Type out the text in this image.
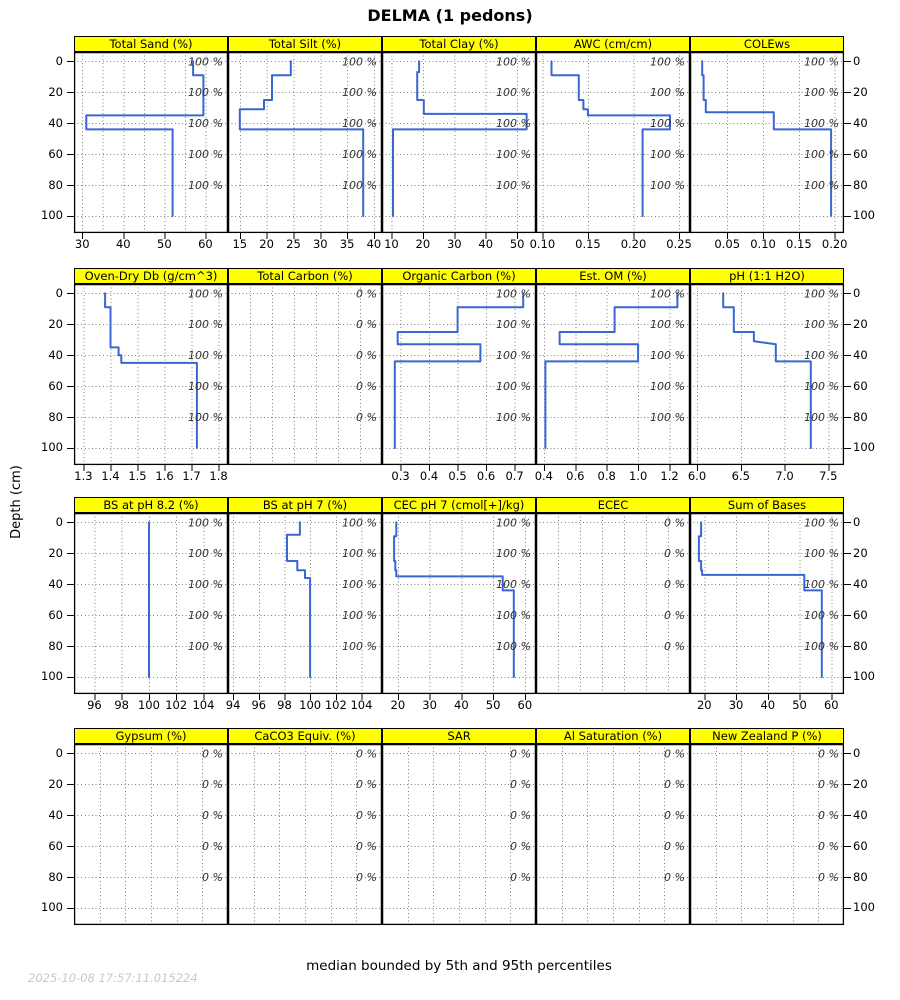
DELMA (1 pedons)
Depth (cm)
Total Sand (%)
100 %
100 %
100 %
100 %
100 %
30	40	50	60
Total Silt (%)
100 %
100 %
100 %
100 %
100 %
15	20	25	30	35	40
Total Clay (%)
100 %
100 %
100 %
100 %
100 %
10	20	30	40	50
AWC (cm/cm)
100 %
100 %
100 %
100 %
100 %
0.10	0.15	0.20	0.25
COLEws
100 %
100 %
100 %
100 %
100 %
0.05 0.10 0.15 0.20
0	0
20	20
40	40
60	60
80	80
100	100
Oven-Dry Db (g/cm^3)
100 %
100 %
100 %
100 %
100 %
1.3 1.4 1.5 1.6 1.7 1.8
Total Carbon (%)
0 %
0 %
0 %
0 %
0 %
Organic Carbon (%)
100 %
100 %
100 %
100 %
100 %
0.3 0.4 0.5 0.6 0.7
Est. OM (%)
100 %
100 %
100 %
100 %
100 %
0.4	0.6	0.8	1.0	1.2
pH (1:1 H2O)
100 %
100 %
100 %
100 %
100 %
6.0	6.5	7.0	7.5
0	0
20	20
40	40
60	60
80	80
100	100
BS at pH 8.2 (%)
100 %
100 %
100 %
100 %
100 %
96	98 100 102 104
BS at pH 7 (%)
100 %
100 %
100 %
100 %
100 %
94 96 98 100 102 104
CEC pH 7 (cmol[+]/kg)
100 %
100 %
100 %
100 %
100 %
20	30	40	50	60
ECEC
0 %
0 %
0 %
0 %
0 %
Sum of Bases
100 %
100 %
100 %
100 %
100 %
20	30	40	50	60
0	0
20	20
40	40
60	60
80	80
100	100
Gypsum (%)
0 %
0 %
0 %
0 %
0 %
CaCO3 Equiv. (%)
0 %
0 %
0 %
0 %
0 %
SAR
0 %
0 %
0 %
0 %
0 %
Al Saturation (%)
0 %
0 %
0 %
0 %
0 %
New Zealand P (%)
0 %
0 %
0 %
0 %
0 %
0	0
20	20
40	40
60	60
80	80
100	100
median bounded by 5th and 95th percentiles
2025-10-08 17:57:11.015224
